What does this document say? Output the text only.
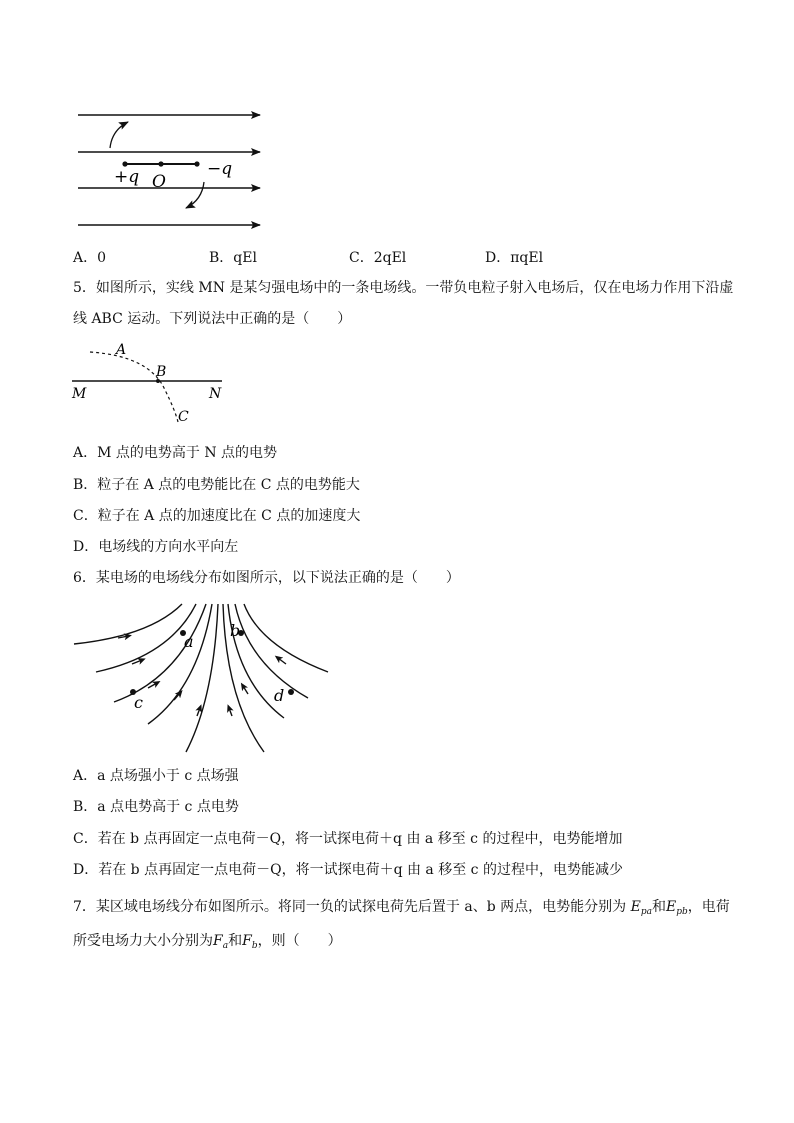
+q O
−q
A．0	B．qEl	C．2qEl	D．πqEl
5．如图所示，实线 MN 是某匀强电场中的一条电场线。一带负电粒子射入电场后，仅在电场力作用下沿虚
线 ABC 运动。下列说法中正确的是（　　）
A
B
C
M	N
A．M 点的电势高于 N 点的电势
B．粒子在 A 点的电势能比在 C 点的电势能大
C．粒子在 A 点的加速度比在 C 点的加速度大
D．电场线的方向水平向左
6．某电场的电场线分布如图所示，以下说法正确的是（　　）
a
b
c	d
A．a 点场强小于 c 点场强
B．a 点电势高于 c 点电势
C．若在 b 点再固定一点电荷－Q，将一试探电荷＋q 由 a 移至 c 的过程中，电势能增加
D．若在 b 点再固定一点电荷－Q，将一试探电荷＋q 由 a 移至 c 的过程中，电势能减少
7．某区域电场线分布如图所示。将同一负的试探电荷先后置于 a、b 两点，电势能分别为 $E_{pa}$和$E_{pb}$，电荷
所受电场力大小分别为$F_a$和$F_b$，则（　　）
